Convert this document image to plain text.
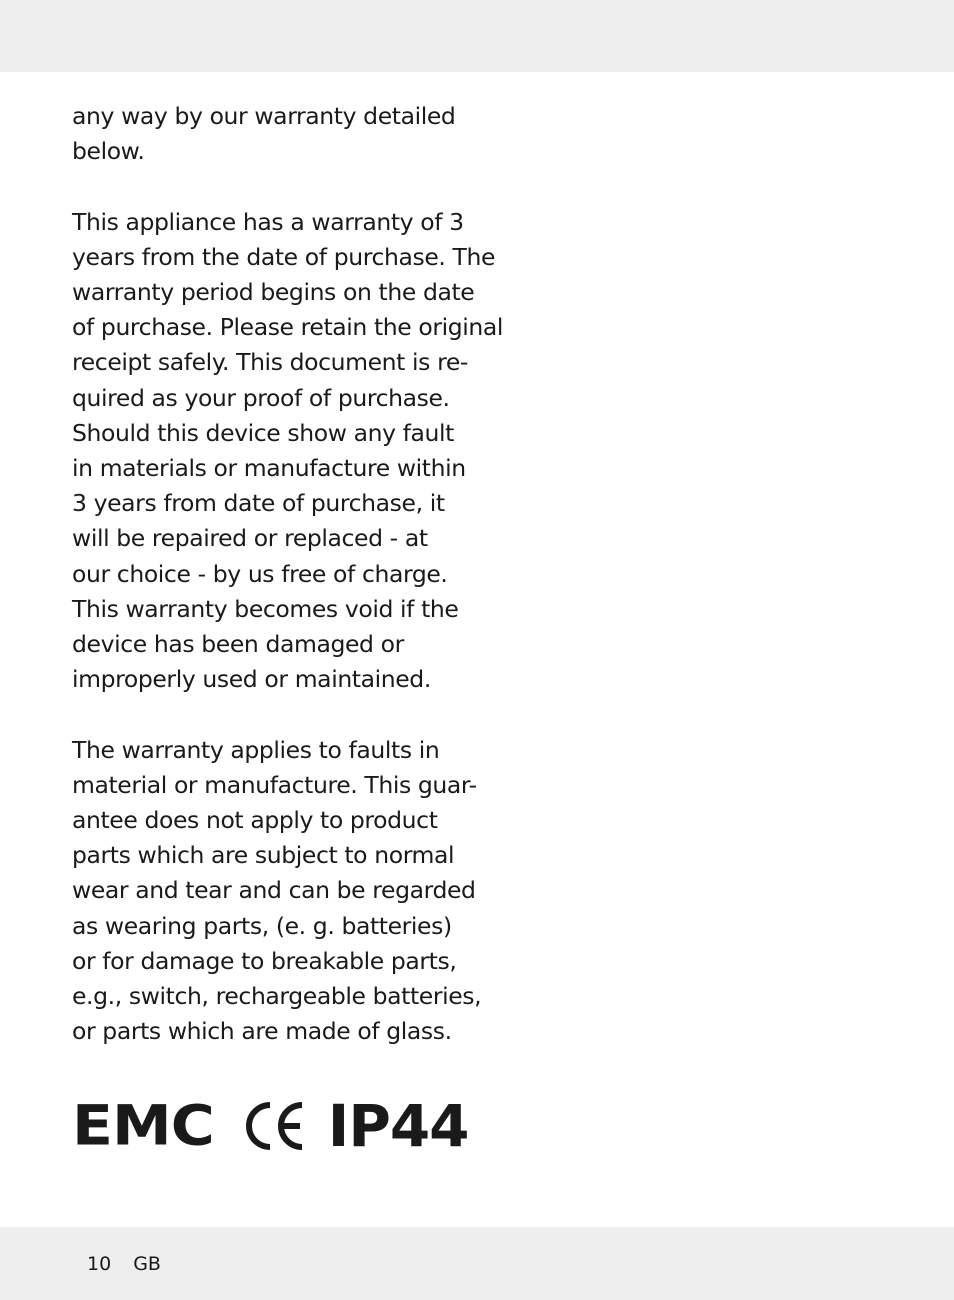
any way by our warranty detailed
below.
This appliance has a warranty of 3
years from the date of purchase. The
warranty period begins on the date
of purchase. Please retain the original
receipt safely. This document is re-
quired as your proof of purchase.
Should this device show any fault
in materials or manufacture within
3 years from date of purchase, it
will be repaired or replaced - at
our choice - by us free of charge.
This warranty becomes void if the
device has been damaged or
improperly used or maintained.
The warranty applies to faults in
material or manufacture. This guar-
antee does not apply to product
parts which are subject to normal
wear and tear and can be regarded
as wearing parts, (e. g. batteries)
or for damage to breakable parts,
e.g., switch, rechargeable batteries,
or parts which are made of glass.
EMC IP44
10 GB
